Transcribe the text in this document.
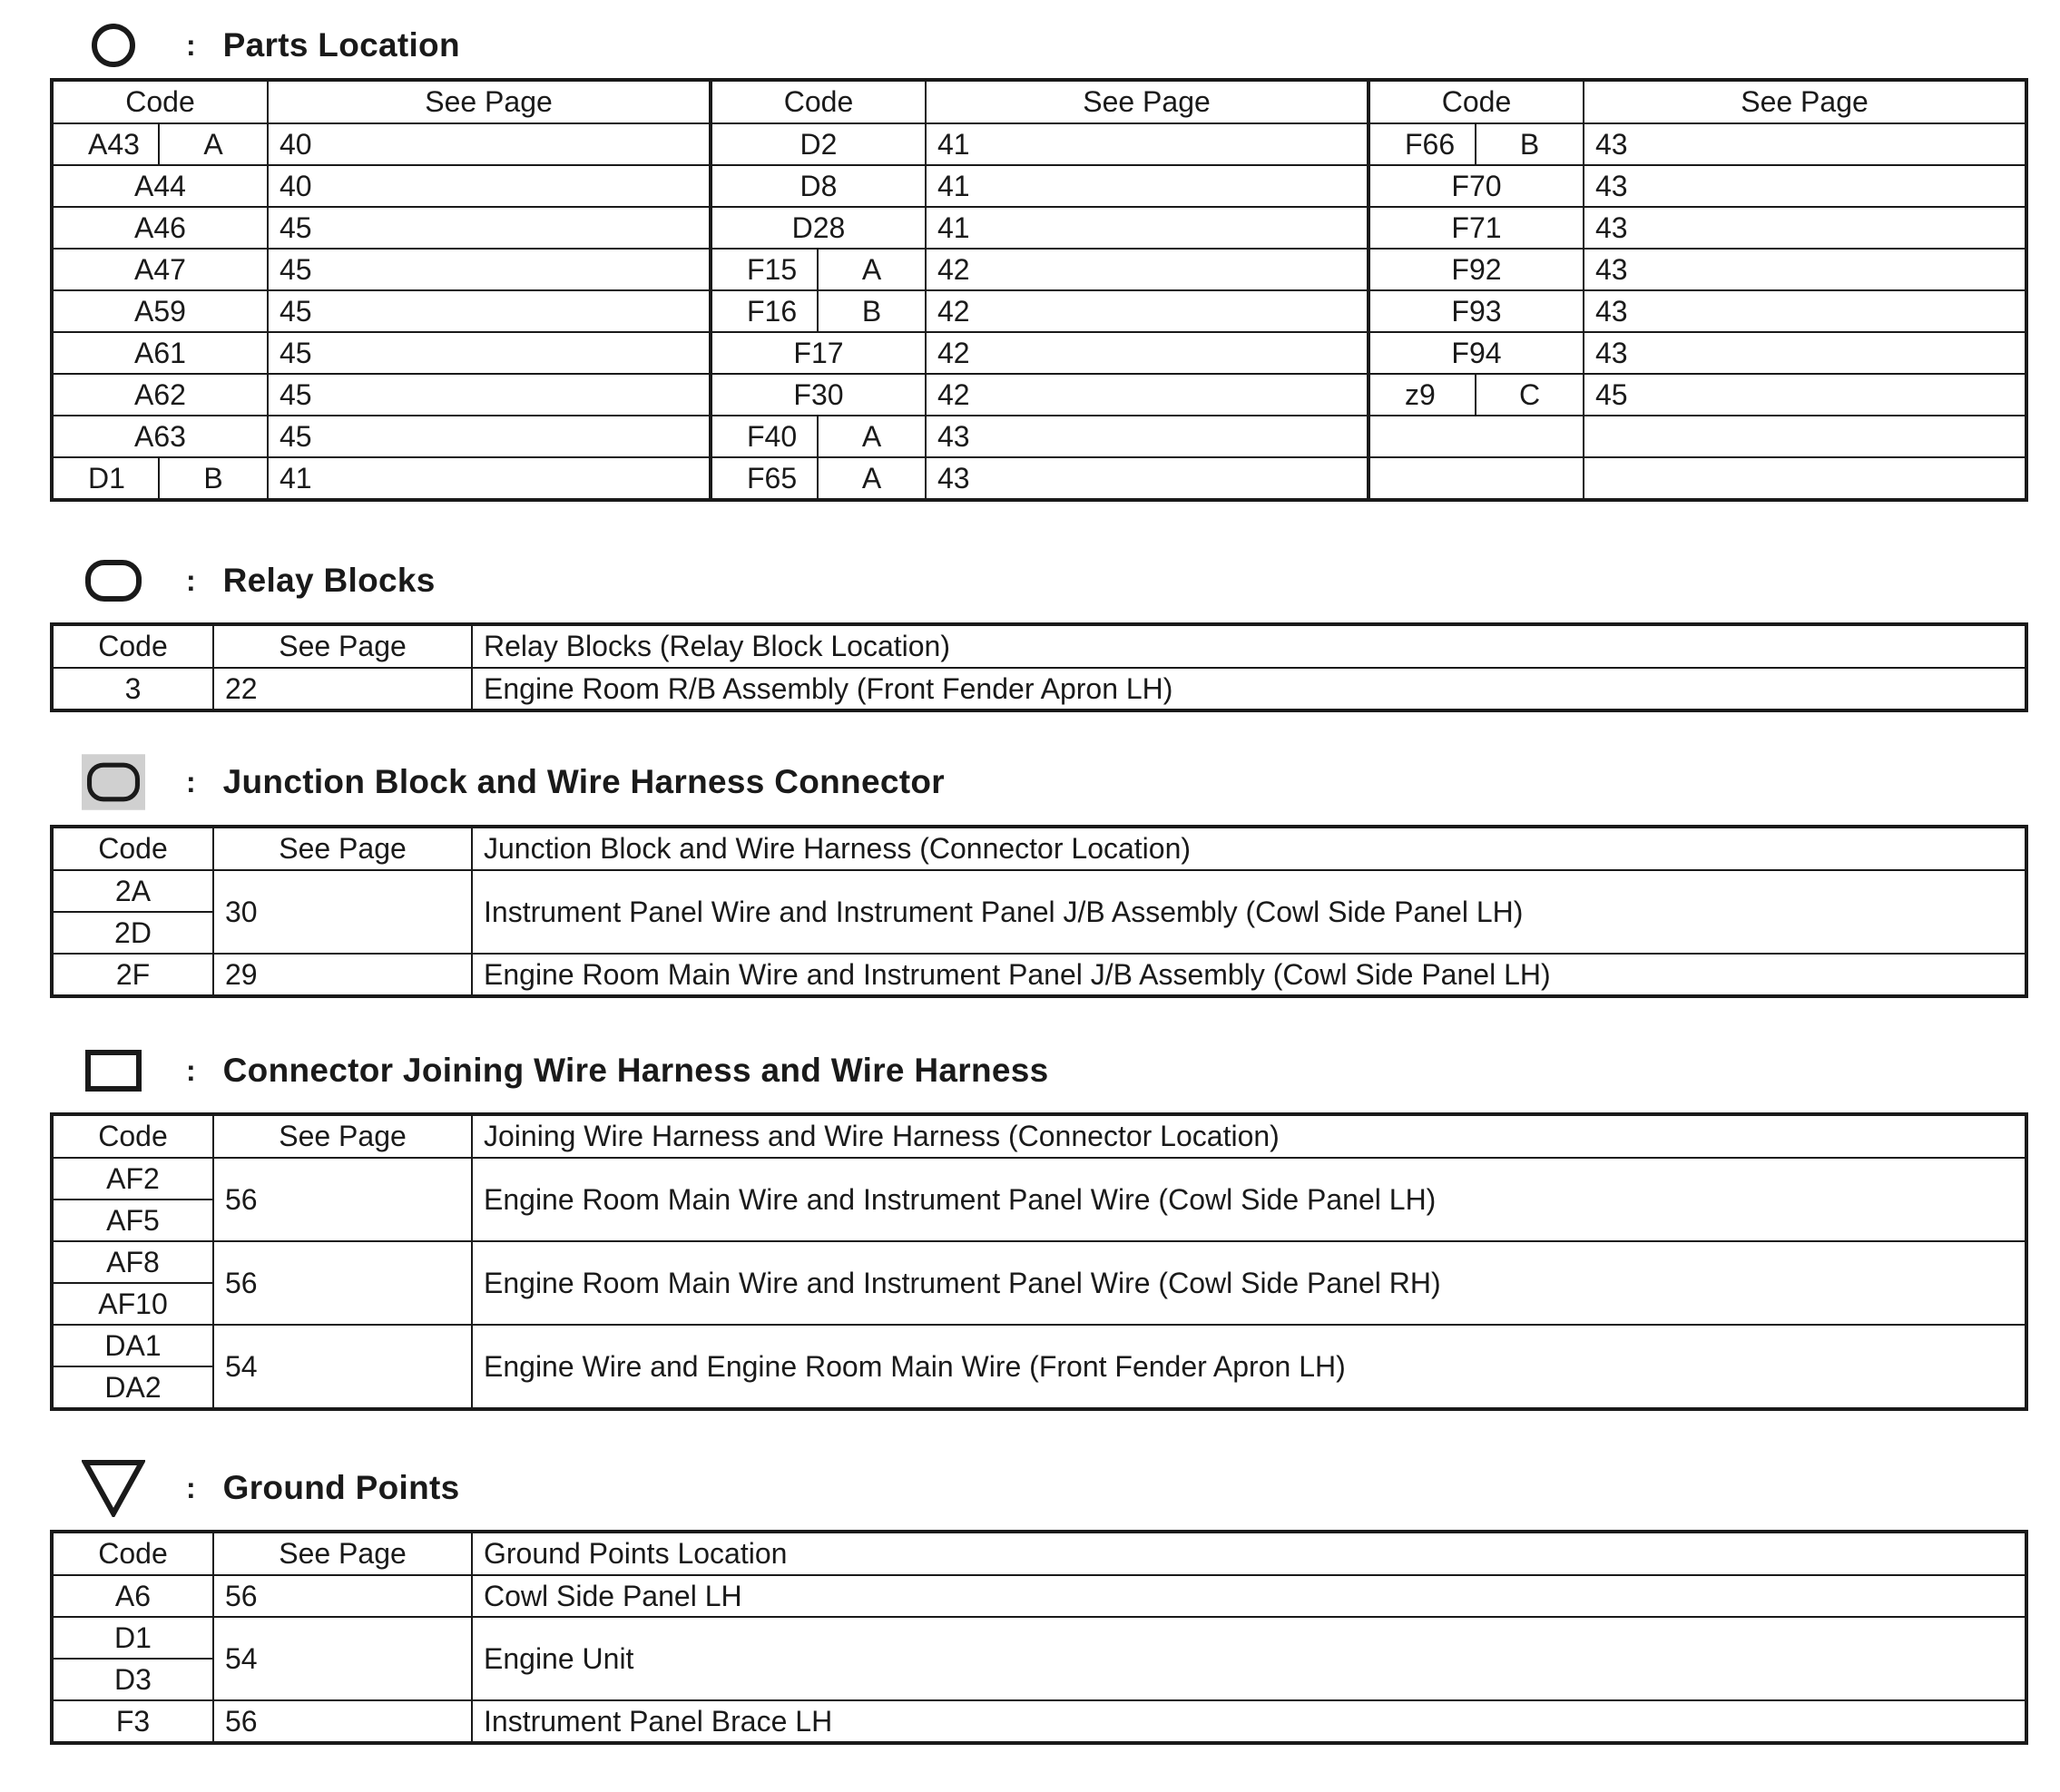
: Parts Location
Code		See Page	Code		See Page	Code		See Page
A43	A	40	D2		41	F66	B	43
A44		40	D8		41	F70		43
A46		45	D28		41	F71		43
A47		45	F15	A	42	F92		43
A59		45	F16	B	42	F93		43
A61		45	F17		42	F94		43
A62		45	F30		42	z9	C	45
A63		45	F40	A	43			
D1	B	41	F65	A	43			
: Relay Blocks
Code	See Page	Relay Blocks (Relay Block Location)
3	22	Engine Room R/B Assembly (Front Fender Apron LH)
: Junction Block and Wire Harness Connector
Code	See Page	Junction Block and Wire Harness (Connector Location)
2A	30	Instrument Panel Wire and Instrument Panel J/B Assembly (Cowl Side Panel LH)
2D		
2F	29	Engine Room Main Wire and Instrument Panel J/B Assembly (Cowl Side Panel LH)
: Connector Joining Wire Harness and Wire Harness
Code	See Page	Joining Wire Harness and Wire Harness (Connector Location)
AF2	56	Engine Room Main Wire and Instrument Panel Wire (Cowl Side Panel LH)
AF5		
AF8	56	Engine Room Main Wire and Instrument Panel Wire (Cowl Side Panel RH)
AF10		
DA1	54	Engine Wire and Engine Room Main Wire (Front Fender Apron LH)
DA2		
: Ground Points
Code	See Page	Ground Points Location
A6	56	Cowl Side Panel LH
D1	54	Engine Unit
D3		
F3	56	Instrument Panel Brace LH
